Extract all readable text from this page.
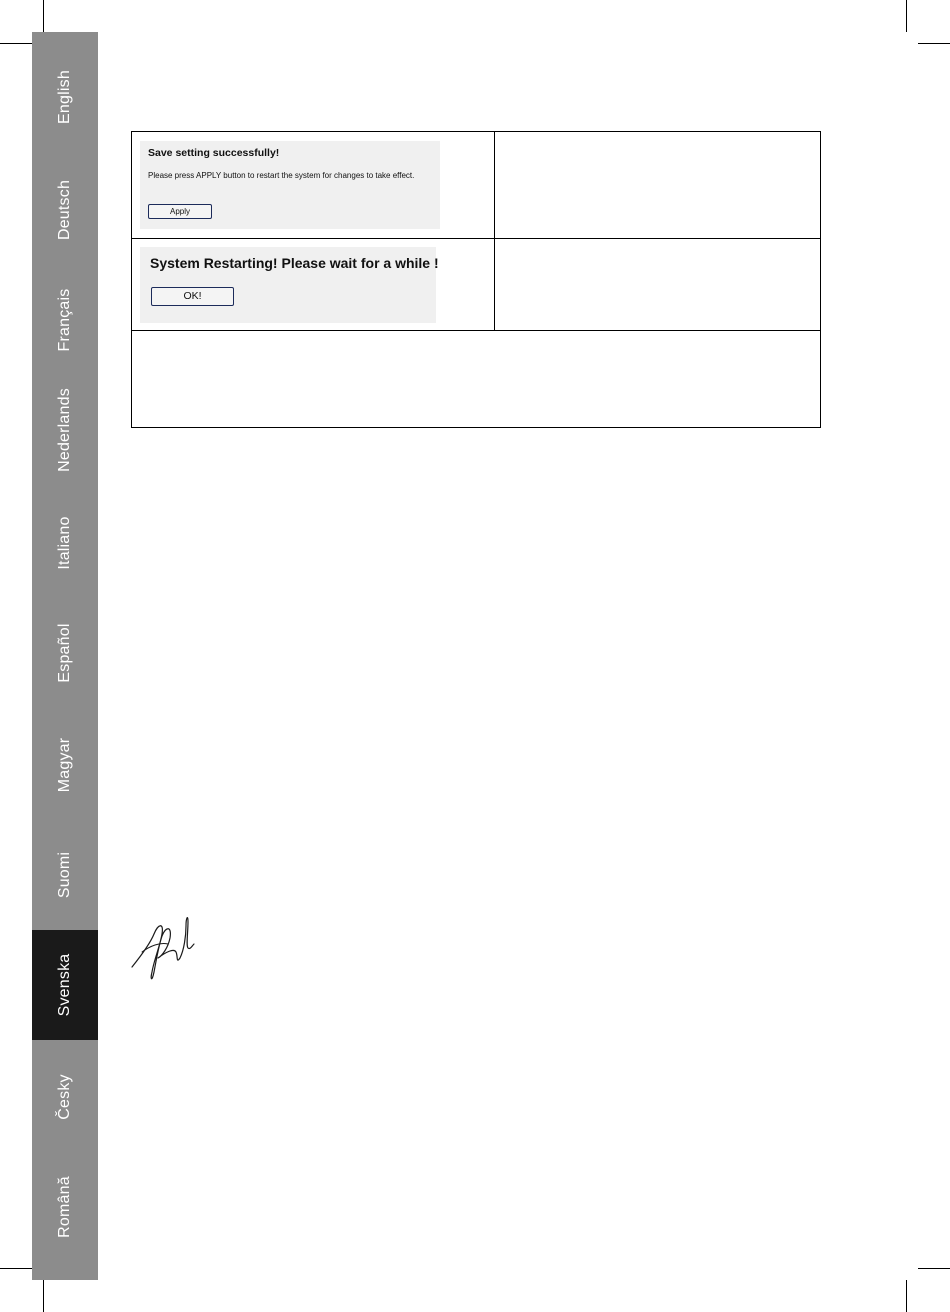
English
Deutsch
Français
Nederlands
Italiano
Español
Magyar
Suomi
Svenska
Česky
Română
Save setting successfully!
Please press APPLY button to restart the system for changes to take effect.
Apply
System Restarting! Please wait for a while !
OK!
